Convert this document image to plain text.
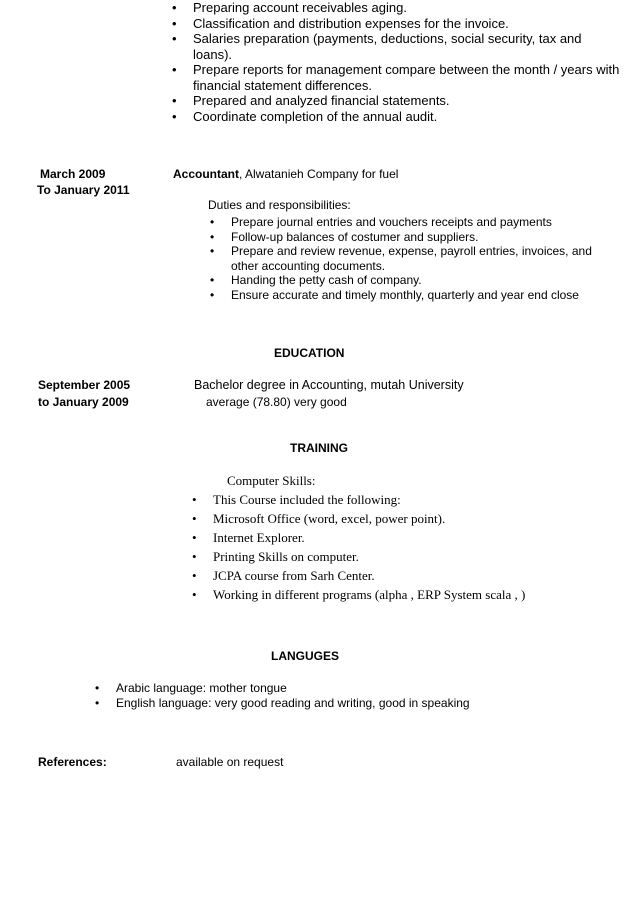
• Preparing account receivables aging.
• Classification and distribution expenses for the invoice.
• Salaries preparation (payments, deductions, social security, tax and loans).
• Prepare reports for management compare between the month / years with financial statement differences.
• Prepared and analyzed financial statements.
• Coordinate completion of the annual audit.
March 2009
To January 2011
Accountant, Alwatanieh Company for fuel
Duties and responsibilities:
• Prepare journal entries and vouchers receipts and payments
• Follow-up balances of costumer and suppliers.
• Prepare and review revenue, expense, payroll entries, invoices, and other accounting documents.
• Handing the petty cash of company.
• Ensure accurate and timely monthly, quarterly and year end close
EDUCATION
September 2005
to January 2009
Bachelor degree in Accounting, mutah University
average (78.80) very good
TRAINING
Computer Skills:
• This Course included the following:
• Microsoft Office (word, excel, power point).
• Internet Explorer.
• Printing Skills on computer.
• JCPA course from Sarh Center.
• Working in different programs (alpha , ERP System scala , )
LANGUGES
• Arabic language: mother tongue
• English language: very good reading and writing, good in speaking
References:	available on request
